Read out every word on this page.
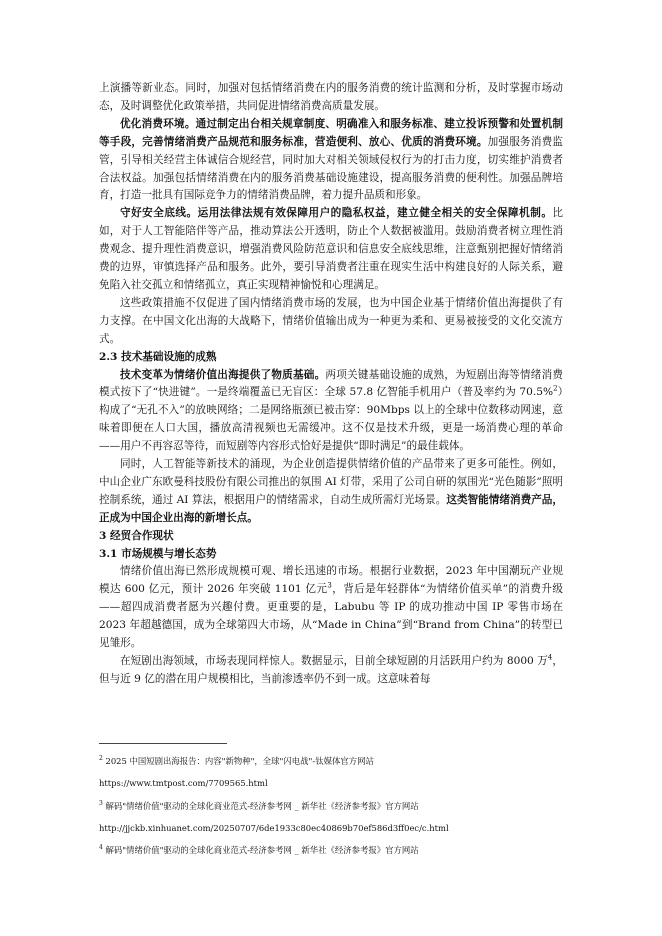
上演播等新业态。同时，加强对包括情绪消费在内的服务消费的统计监测和分析，及时掌握市场动态，及时调整优化政策举措，共同促进情绪消费高质量发展。

优化消费环境。通过制定出台相关规章制度、明确准入和服务标准、建立投诉预警和处置机制等手段，完善情绪消费产品规范和服务标准，营造便利、放心、优质的消费环境。加强服务消费监管，引导相关经营主体诚信合规经营，同时加大对相关领域侵权行为的打击力度，切实维护消费者合法权益。加强包括情绪消费在内的服务消费基础设施建设，提高服务消费的便利性。加强品牌培育，打造一批具有国际竞争力的情绪消费品牌，着力提升品质和形象。

守好安全底线。运用法律法规有效保障用户的隐私权益，建立健全相关的安全保障机制。比如，对于人工智能陪伴等产品，推动算法公开透明，防止个人数据被滥用。鼓励消费者树立理性消费观念、提升理性消费意识，增强消费风险防范意识和信息安全底线思维，注意甄别把握好情绪消费的边界，审慎选择产品和服务。此外，要引导消费者注重在现实生活中构建良好的人际关系，避免陷入社交孤立和情绪孤立，真正实现精神愉悦和心理满足。

这些政策措施不仅促进了国内情绪消费市场的发展，也为中国企业基于情绪价值出海提供了有力支撑。在中国文化出海的大战略下，情绪价值输出成为一种更为柔和、更易被接受的文化交流方式。

2.3 技术基础设施的成熟

技术变革为情绪价值出海提供了物质基础。两项关键基础设施的成熟，为短剧出海等情绪消费模式按下了“快进键”。一是终端覆盖已无盲区：全球 57.8 亿智能手机用户（普及率约为 70.5%$^2$）构成了“无孔不入”的放映网络；二是网络瓶颈已被击穿：90Mbps 以上的全球中位数移动网速，意味着即便在人口大国，播放高清视频也无需缓冲。这不仅是技术升级，更是一场消费心理的革命——用户不再容忍等待，而短剧等内容形式恰好是提供“即时满足”的最佳载体。

同时，人工智能等新技术的涌现，为企业创造提供情绪价值的产品带来了更多可能性。例如，中山企业广东欧曼科技股份有限公司推出的氛围 AI 灯带，采用了公司自研的氛围光“光色随影”照明控制系统，通过 AI 算法，根据用户的情绪需求，自动生成所需灯光场景。这类智能情绪消费产品，正成为中国企业出海的新增长点。

3 经贸合作现状

3.1 市场规模与增长态势

情绪价值出海已然形成规模可观、增长迅速的市场。根据行业数据，2023 年中国潮玩产业规模达 600 亿元，预计 2026 年突破 1101 亿元$^3$，背后是年轻群体“为情绪价值买单”的消费升级——超四成消费者愿为兴趣付费。更重要的是，Labubu 等 IP 的成功推动中国 IP 零售市场在 2023 年超越德国，成为全球第四大市场，从“Made in China”到“Brand from China”的转型已见雏形。

在短剧出海领域，市场表现同样惊人。数据显示，目前全球短剧的月活跃用户约为 8000 万$^4$，但与近 9 亿的潜在用户规模相比，当前渗透率仍不到一成。这意味着每

$^2$ 2025 中国短剧出海报告：内容"新物种"，全球"闪电战"-钛媒体官方网站

https://www.tmtpost.com/7709565.html

$^3$ 解码"情绪价值"驱动的全球化商业范式-经济参考网 _ 新华社《经济参考报》官方网站

http://jjckb.xinhuanet.com/20250707/6de1933c80ec40869b70ef586d3ff0ec/c.html

$^4$ 解码"情绪价值"驱动的全球化商业范式-经济参考网 _ 新华社《经济参考报》官方网站
